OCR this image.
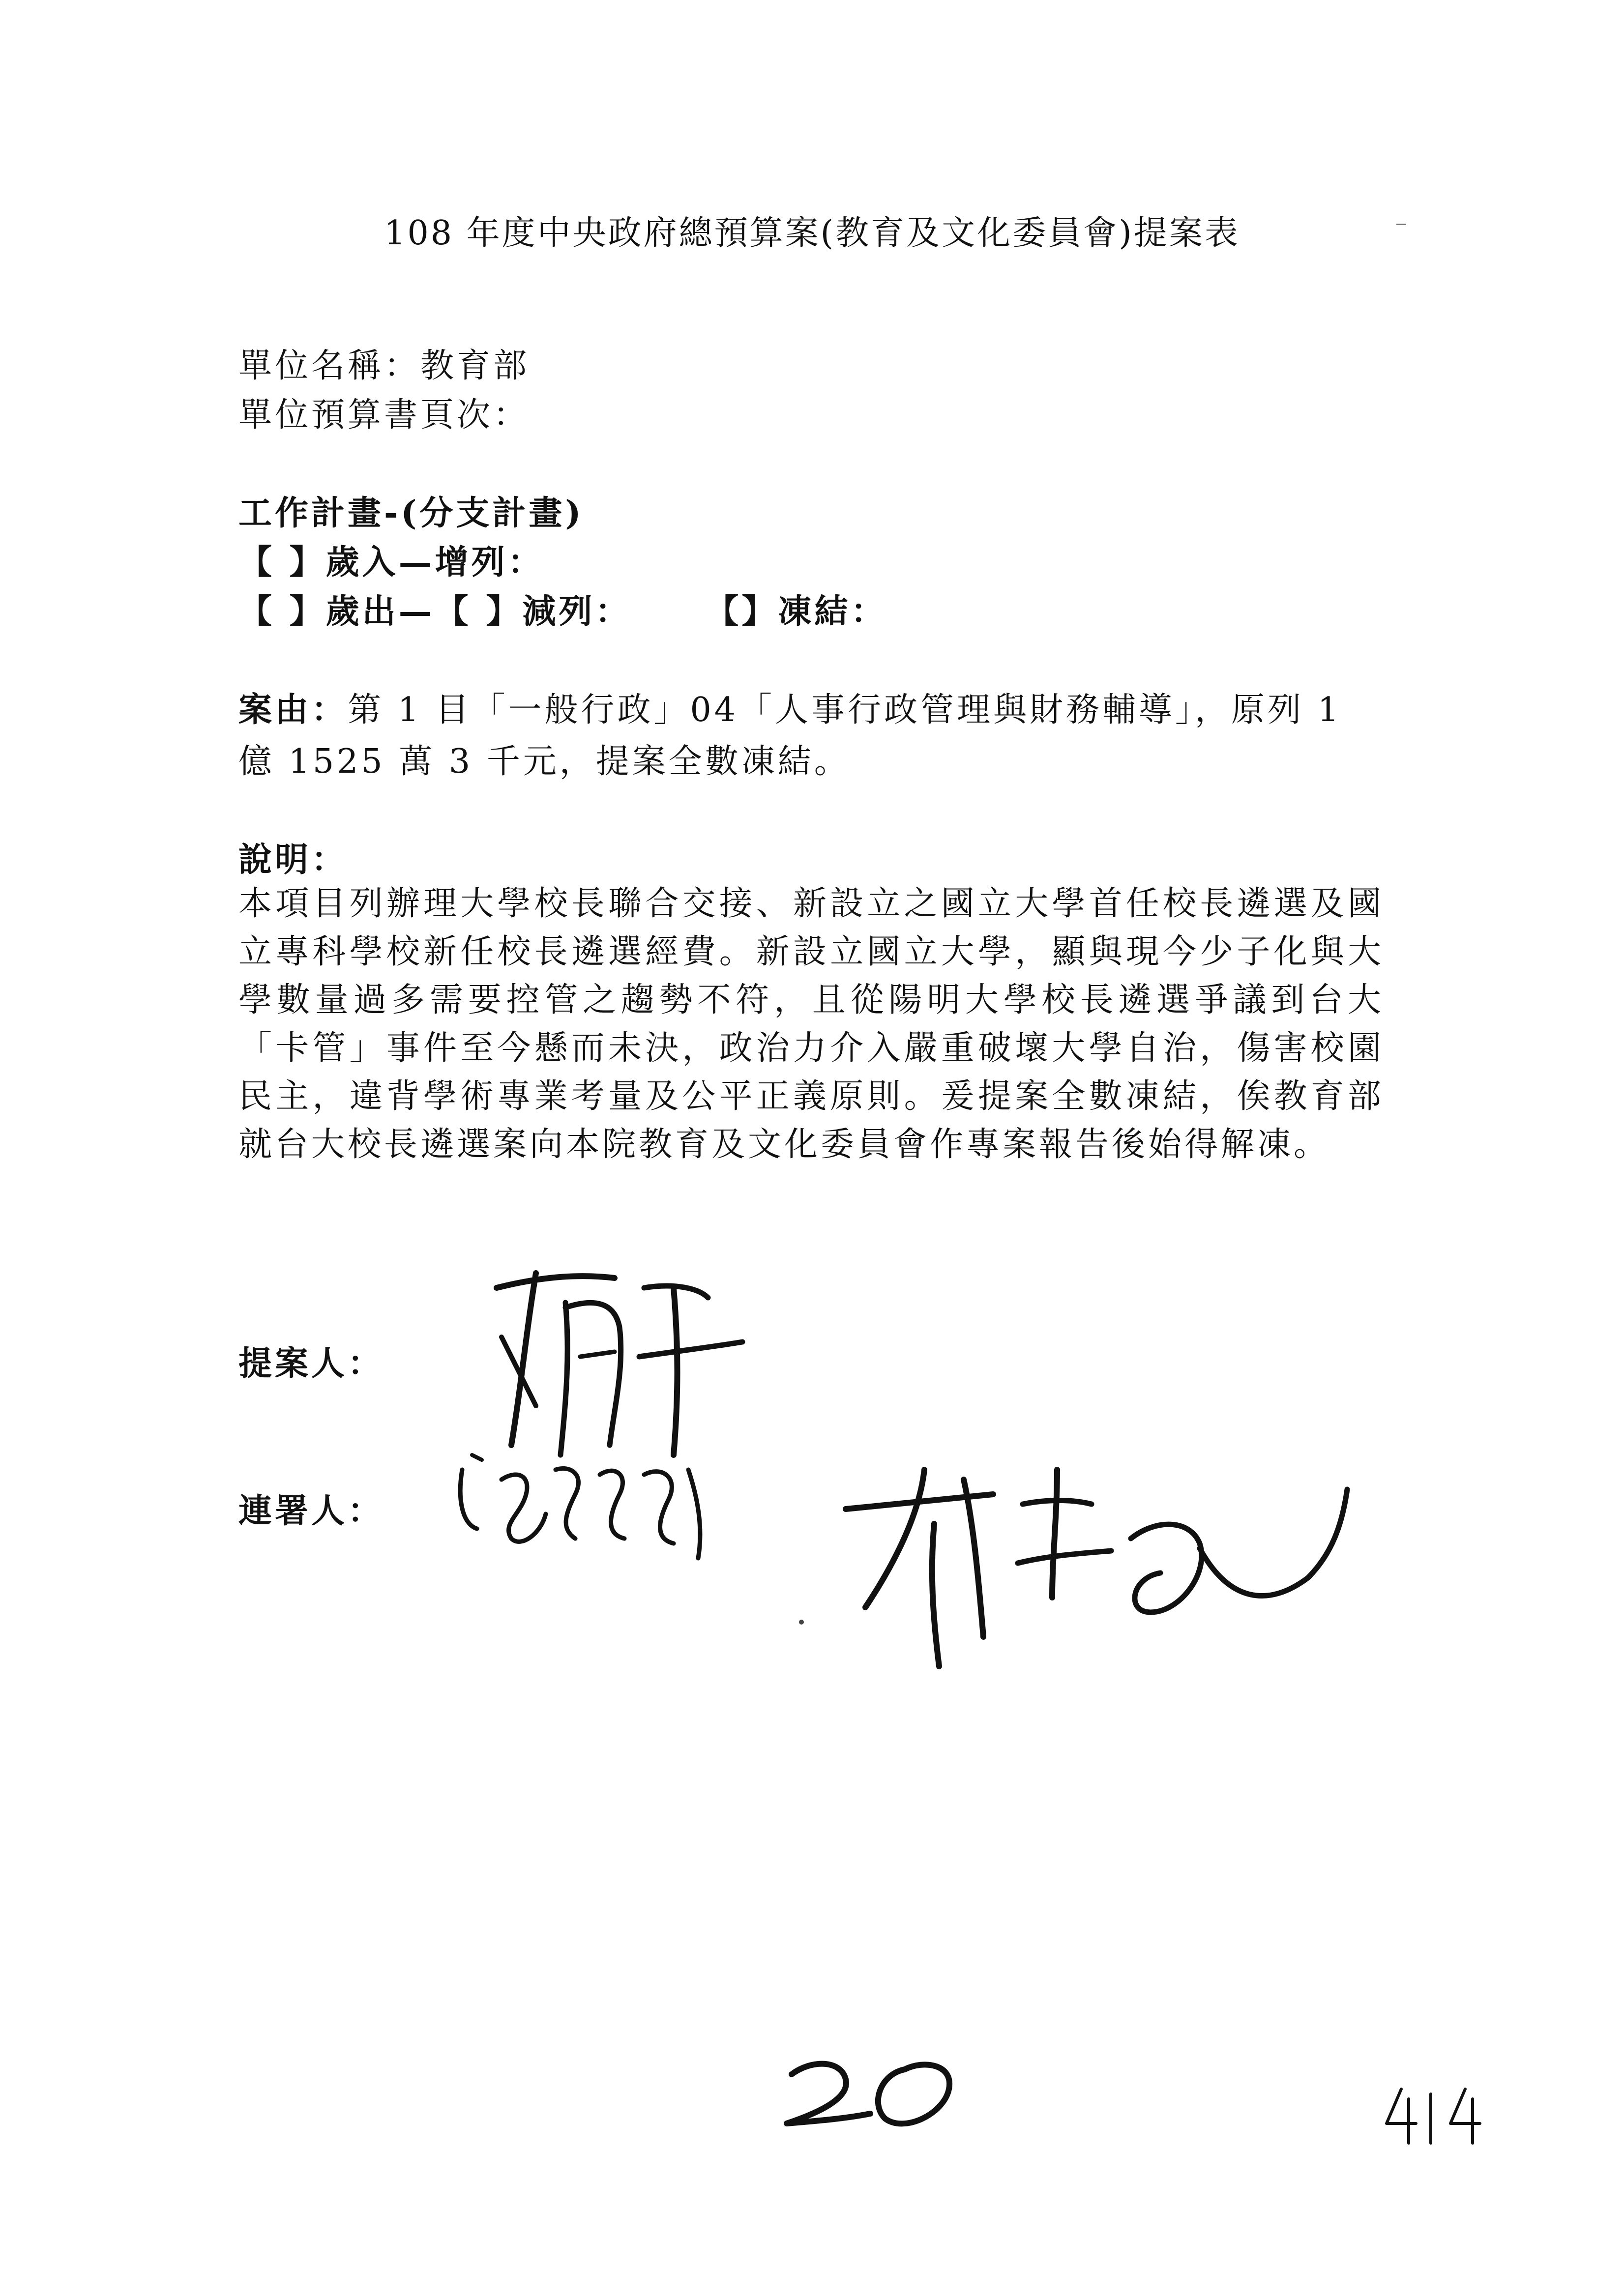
108 年度中央政府總預算案(教育及文化委員會)提案表
單位名稱：教育部
單位預算書頁次：
工作計畫-(分支計畫)
【 】歲入—增列：
【 】歲出—【 】減列： 【】凍結：
案由：第 1 目「一般行政」04「人事行政管理與財務輔導」，原列 1
億 1525 萬 3 千元，提案全數凍結。
說明：
本項目列辦理大學校長聯合交接、新設立之國立大學首任校長遴選及國立專科學校新任校長遴選經費。新設立國立大學，顯與現今少子化與大學數量過多需要控管之趨勢不符，且從陽明大學校長遴選爭議到台大「卡管」事件至今懸而未決，政治力介入嚴重破壞大學自治，傷害校園民主，違背學術專業考量及公平正義原則。爰提案全數凍結，俟教育部就台大校長遴選案向本院教育及文化委員會作專案報告後始得解凍。
提案人：
連署人：
